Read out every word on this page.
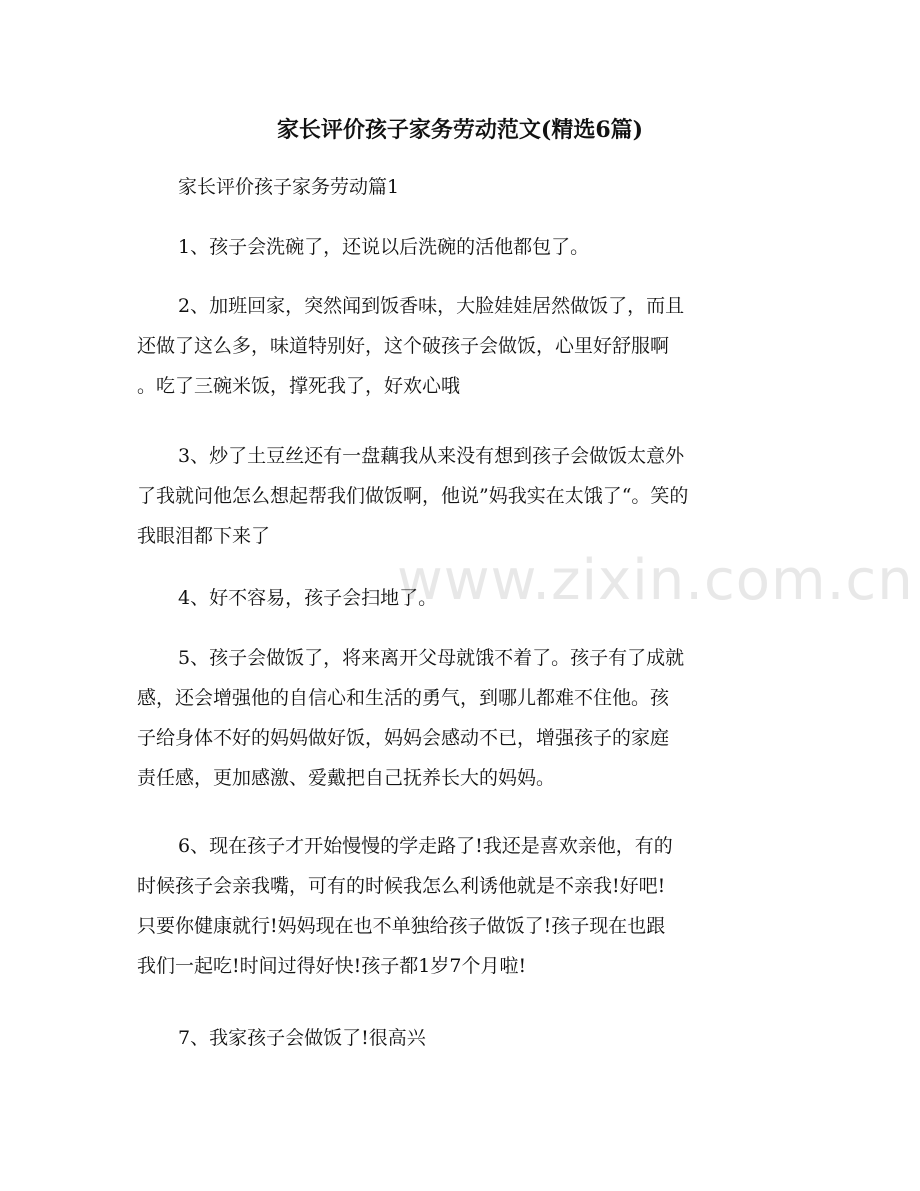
www.zixin.com.cn
家长评价孩子家务劳动范文(精选6篇)
家长评价孩子家务劳动篇1
1、孩子会洗碗了，还说以后洗碗的活他都包了。
2、加班回家，突然闻到饭香味，大脸娃娃居然做饭了，而且
还做了这么多，味道特别好，这个破孩子会做饭，心里好舒服啊
。吃了三碗米饭，撑死我了，好欢心哦
3、炒了土豆丝还有一盘藕我从来没有想到孩子会做饭太意外
了我就问他怎么想起帮我们做饭啊，他说”妈我实在太饿了“。笑的
我眼泪都下来了
4、好不容易，孩子会扫地了。
5、孩子会做饭了，将来离开父母就饿不着了。孩子有了成就
感，还会增强他的自信心和生活的勇气，到哪儿都难不住他。孩
子给身体不好的妈妈做好饭，妈妈会感动不已，增强孩子的家庭
责任感，更加感激、爱戴把自己抚养长大的妈妈。
6、现在孩子才开始慢慢的学走路了!我还是喜欢亲他，有的
时候孩子会亲我嘴，可有的时候我怎么利诱他就是不亲我!好吧!
只要你健康就行!妈妈现在也不单独给孩子做饭了!孩子现在也跟
我们一起吃!时间过得好快!孩子都1岁7个月啦!
7、我家孩子会做饭了!很高兴
